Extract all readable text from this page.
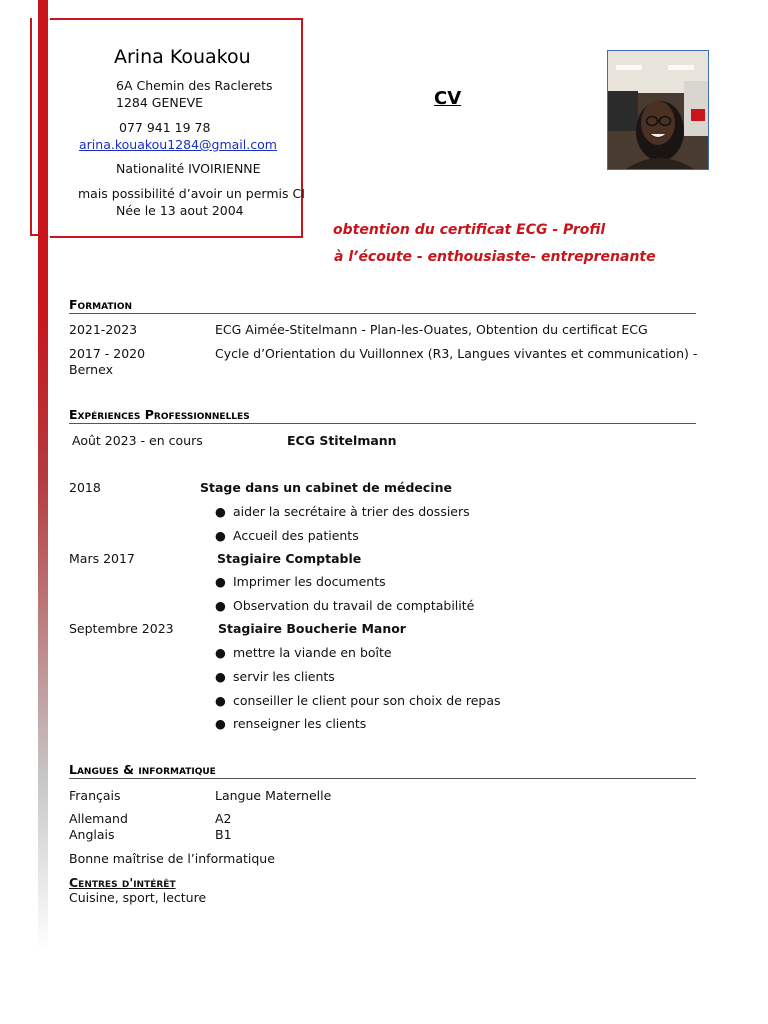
Arina Kouakou
6A Chemin des Raclerets
1284 GENEVE
077 941 19 78
arina.kouakou1284@gmail.com
Nationalité IVOIRIENNE
mais possibilité d’avoir un permis CI
Née le 13 aout 2004
CV
obtention du certificat ECG - Profil
à l’écoute - enthousiaste- entreprenante
Formation
2021-2023	ECG Aimée-Stitelmann - Plan-les-Ouates, Obtention du certificat ECG
2017 - 2020	Cycle d’Orientation du Vuillonnex (R3, Langues vivantes et communication) -
Bernex
Expériences Professionnelles
Août 2023 - en cours	ECG Stitelmann
2018	Stage dans un cabinet de médecine
● aider la secrétaire à trier des dossiers
● Accueil des patients
Mars 2017	Stagiaire Comptable
● Imprimer les documents
● Observation du travail de comptabilité
Septembre 2023	Stagiaire Boucherie Manor
● mettre la viande en boîte
● servir les clients
● conseiller le client pour son choix de repas
● renseigner les clients
Langues & informatique
Français	Langue Maternelle
Allemand	A2
Anglais	B1
Bonne maîtrise de l’informatique
Centres d'intérêt
Cuisine, sport, lecture
